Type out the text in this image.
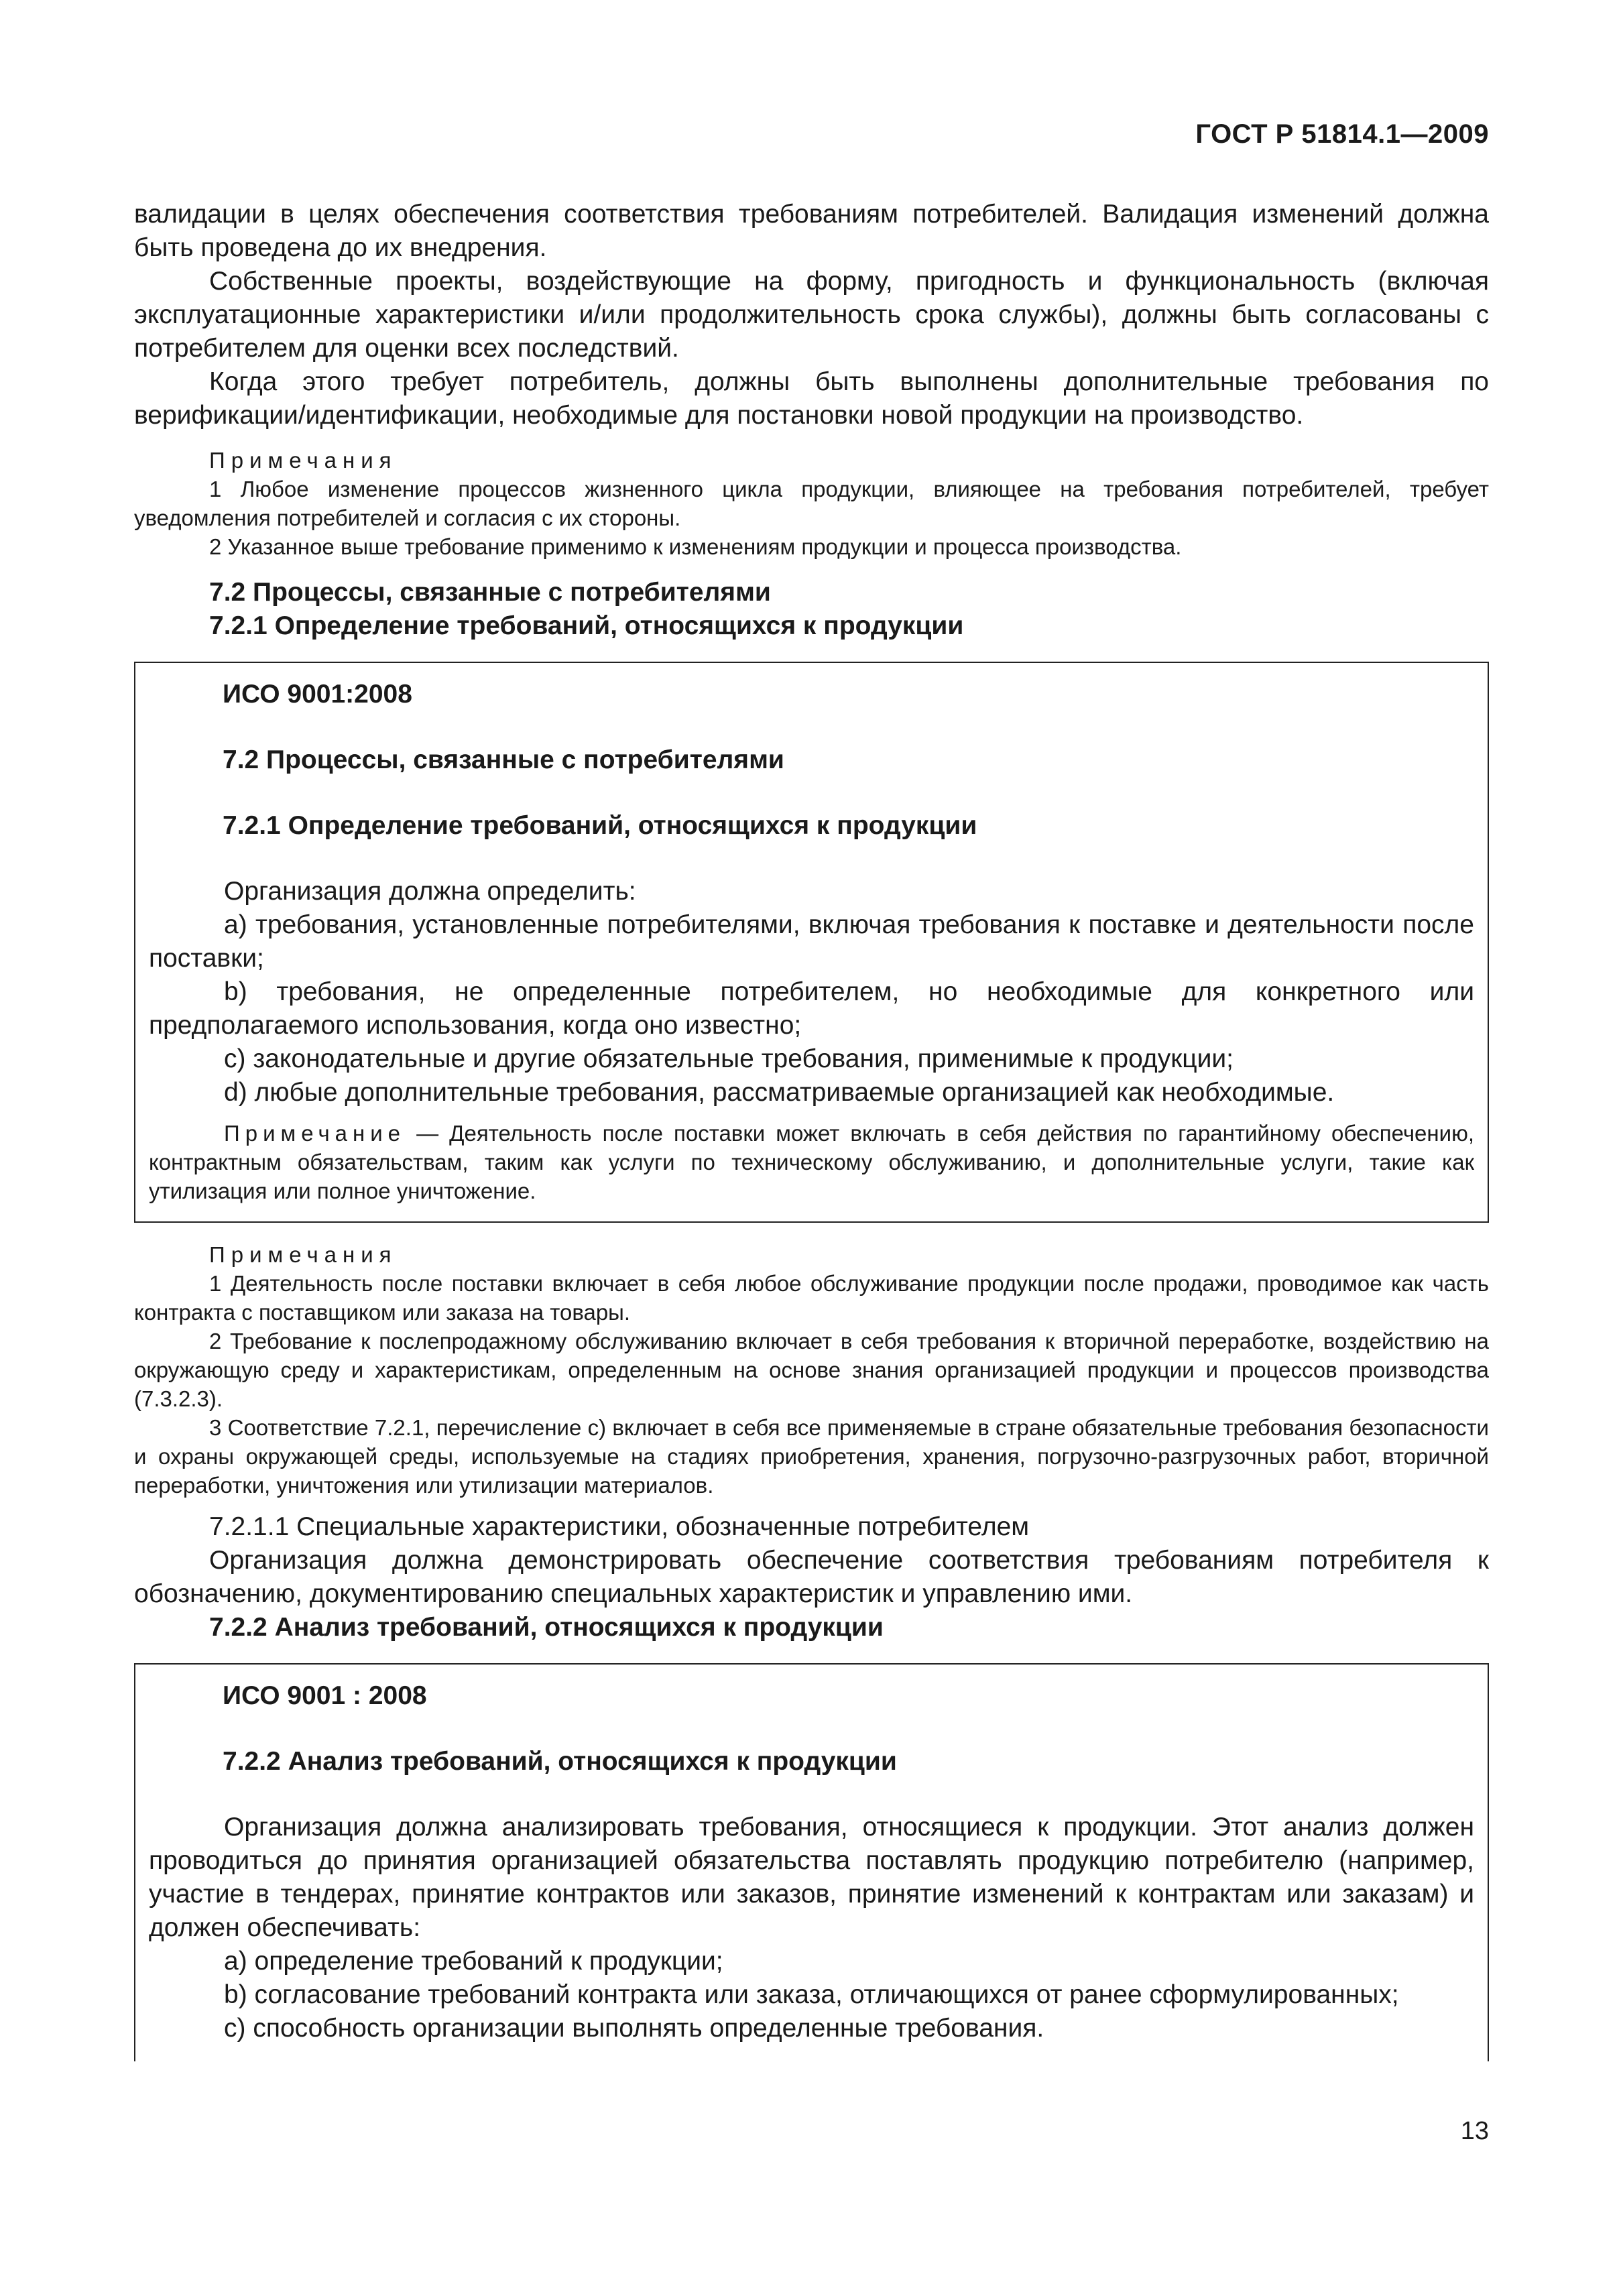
ГОСТ Р 51814.1—2009

валидации в целях обеспечения соответствия требованиям потребителей. Валидация изменений должна быть проведена до их внедрения.

Собственные проекты, воздействующие на форму, пригодность и функциональность (включая эксплуатационные характеристики и/или продолжительность срока службы), должны быть согласованы с потребителем для оценки всех последствий.

Когда этого требует потребитель, должны быть выполнены дополнительные требования по верификации/идентификации, необходимые для постановки новой продукции на производство.

Примечания

1 Любое изменение процессов жизненного цикла продукции, влияющее на требования потребителей, требует уведомления потребителей и согласия с их стороны.

2 Указанное выше требование применимо к изменениям продукции и процесса производства.

7.2 Процессы, связанные с потребителями

7.2.1 Определение требований, относящихся к продукции

ИСО 9001:2008

7.2 Процессы, связанные с потребителями

7.2.1 Определение требований, относящихся к продукции

Организация должна определить:

a) требования, установленные потребителями, включая требования к поставке и деятельности после поставки;

b) требования, не определенные потребителем, но необходимые для конкретного или предполагаемого использования, когда оно известно;

c) законодательные и другие обязательные требования, применимые к продукции;

d) любые дополнительные требования, рассматриваемые организацией как необходимые.

Примечание — Деятельность после поставки может включать в себя действия по гарантийному обеспечению, контрактным обязательствам, таким как услуги по техническому обслуживанию, и дополнительные услуги, такие как утилизация или полное уничтожение.

Примечания

1 Деятельность после поставки включает в себя любое обслуживание продукции после продажи, проводимое как часть контракта с поставщиком или заказа на товары.

2 Требование к послепродажному обслуживанию включает в себя требования к вторичной переработке, воздействию на окружающую среду и характеристикам, определенным на основе знания организацией продукции и процессов производства (7.3.2.3).

3 Соответствие 7.2.1, перечисление c) включает в себя все применяемые в стране обязательные требования безопасности и охраны окружающей среды, используемые на стадиях приобретения, хранения, погрузочно-разгрузочных работ, вторичной переработки, уничтожения или утилизации материалов.

7.2.1.1 Специальные характеристики, обозначенные потребителем

Организация должна демонстрировать обеспечение соответствия требованиям потребителя к обозначению, документированию специальных характеристик и управлению ими.

7.2.2 Анализ требований, относящихся к продукции

ИСО 9001 : 2008

7.2.2 Анализ требований, относящихся к продукции

Организация должна анализировать требования, относящиеся к продукции. Этот анализ должен проводиться до принятия организацией обязательства поставлять продукцию потребителю (например, участие в тендерах, принятие контрактов или заказов, принятие изменений к контрактам или заказам) и должен обеспечивать:

a) определение требований к продукции;

b) согласование требований контракта или заказа, отличающихся от ранее сформулированных;

c) способность организации выполнять определенные требования.

13
